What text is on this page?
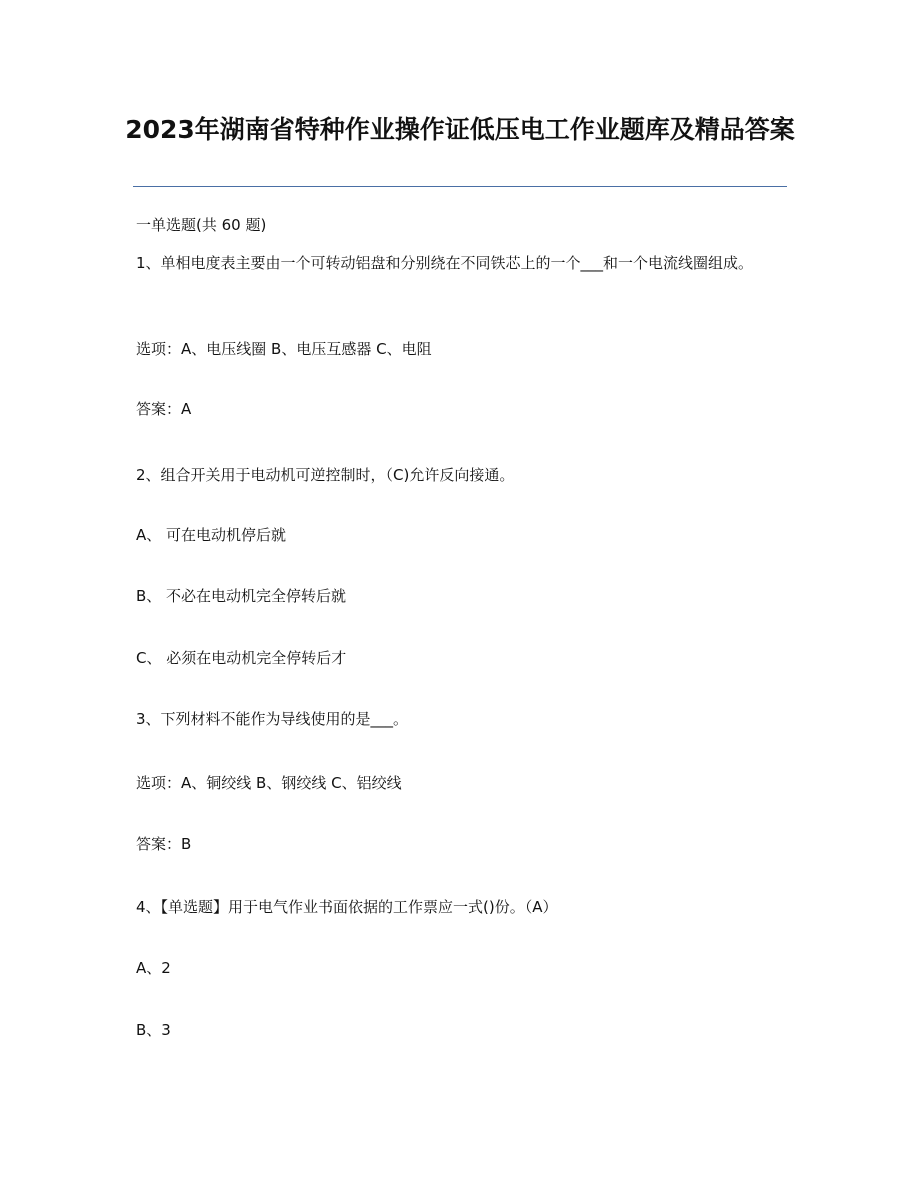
2023年湖南省特种作业操作证低压电工作业题库及精品答案

一单选题(共 60 题)

1、单相电度表主要由一个可转动铝盘和分别绕在不同铁芯上的一个___和一个电流线圈组成。

选项：A、电压线圈 B、电压互感器 C、电阻

答案：A

2、组合开关用于电动机可逆控制时，（C)允许反向接通。

A、 可在电动机停后就

B、 不必在电动机完全停转后就

C、 必须在电动机完全停转后才

3、下列材料不能作为导线使用的是___。

选项：A、铜绞线 B、钢绞线 C、铝绞线

答案：B

4、【单选题】用于电气作业书面依据的工作票应一式()份。（A）

A、2

B、3
